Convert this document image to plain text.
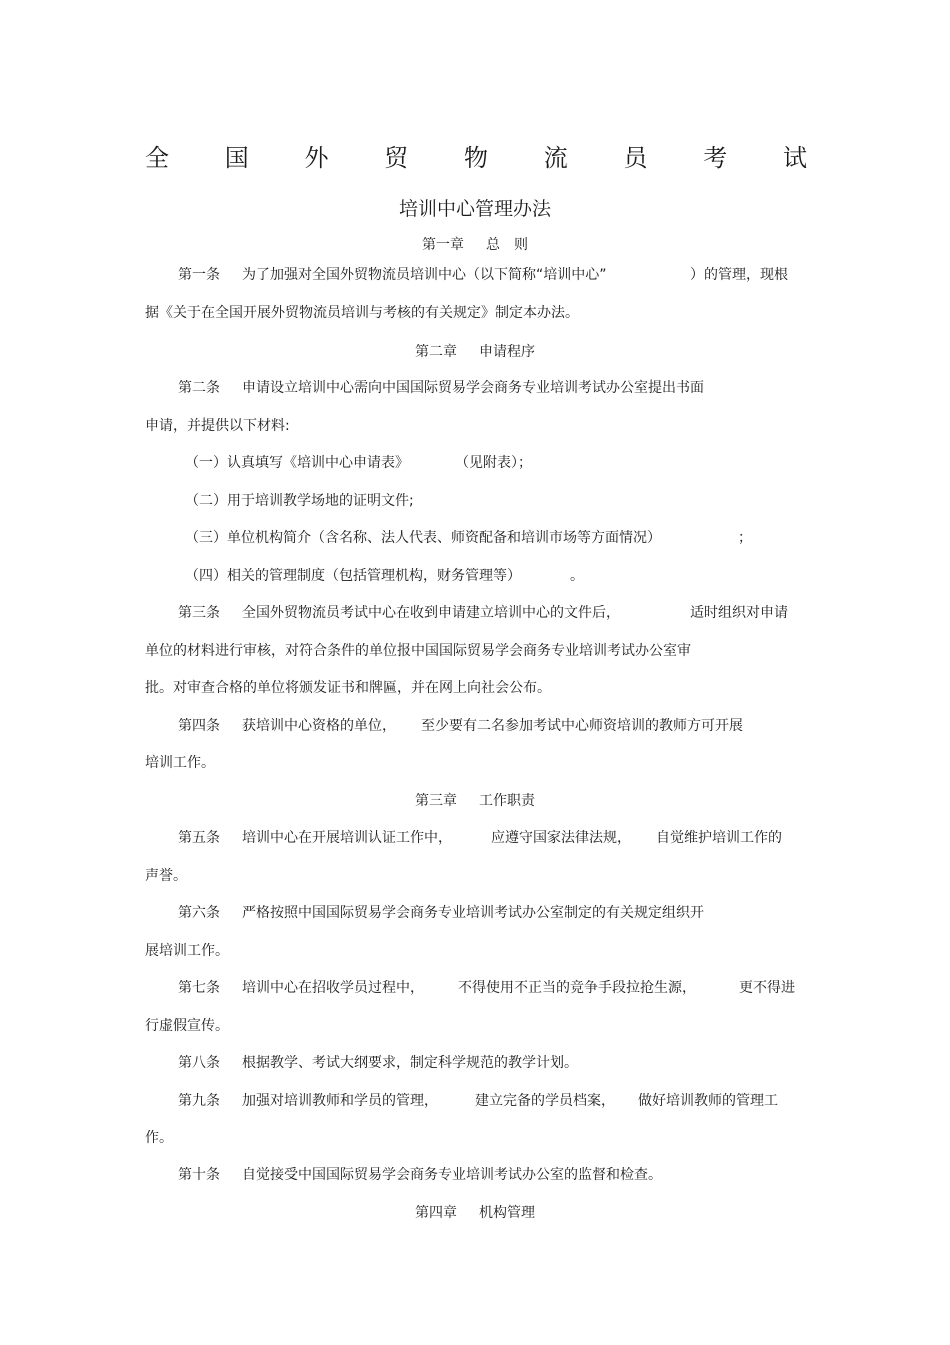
全 国 外 贸 物 流 员 考 试
培训中心管理办法
第一章 总　则
第一条 为了加强对全国外贸物流员培训中心（以下简称“培训中心”	）的管理，现根
据《关于在全国开展外贸物流员培训与考核的有关规定》制定本办法。
第二章 申请程序
第二条 申请设立培训中心需向中国国际贸易学会商务专业培训考试办公室提出书面
申请，并提供以下材料:
（一）认真填写《培训中心申请表》	（见附表）；
（二）用于培训教学场地的证明文件;
（三）单位机构简介（含名称、法人代表、师资配备和培训市场等方面情况）	；
（四）相关的管理制度（包括管理机构，财务管理等）	。
第三条 全国外贸物流员考试中心在收到申请建立培训中心的文件后，	适时组织对申请
单位的材料进行审核，对符合条件的单位报中国国际贸易学会商务专业培训考试办公室审
批。对审查合格的单位将颁发证书和牌匾，并在网上向社会公布。
第四条 获培训中心资格的单位， 至少要有二名参加考试中心师资培训的教师方可开展
培训工作。
第三章 工作职责
第五条 培训中心在开展培训认证工作中，	应遵守国家法律法规， 自觉维护培训工作的
声誉。
第六条 严格按照中国国际贸易学会商务专业培训考试办公室制定的有关规定组织开
展培训工作。
第七条 培训中心在招收学员过程中， 不得使用不正当的竞争手段拉抢生源，	更不得进
行虚假宣传。
第八条 根据教学、考试大纲要求，制定科学规范的教学计划。
第九条 加强对培训教师和学员的管理，	建立完备的学员档案， 做好培训教师的管理工
作。
第十条 自觉接受中国国际贸易学会商务专业培训考试办公室的监督和检查。
第四章 机构管理
